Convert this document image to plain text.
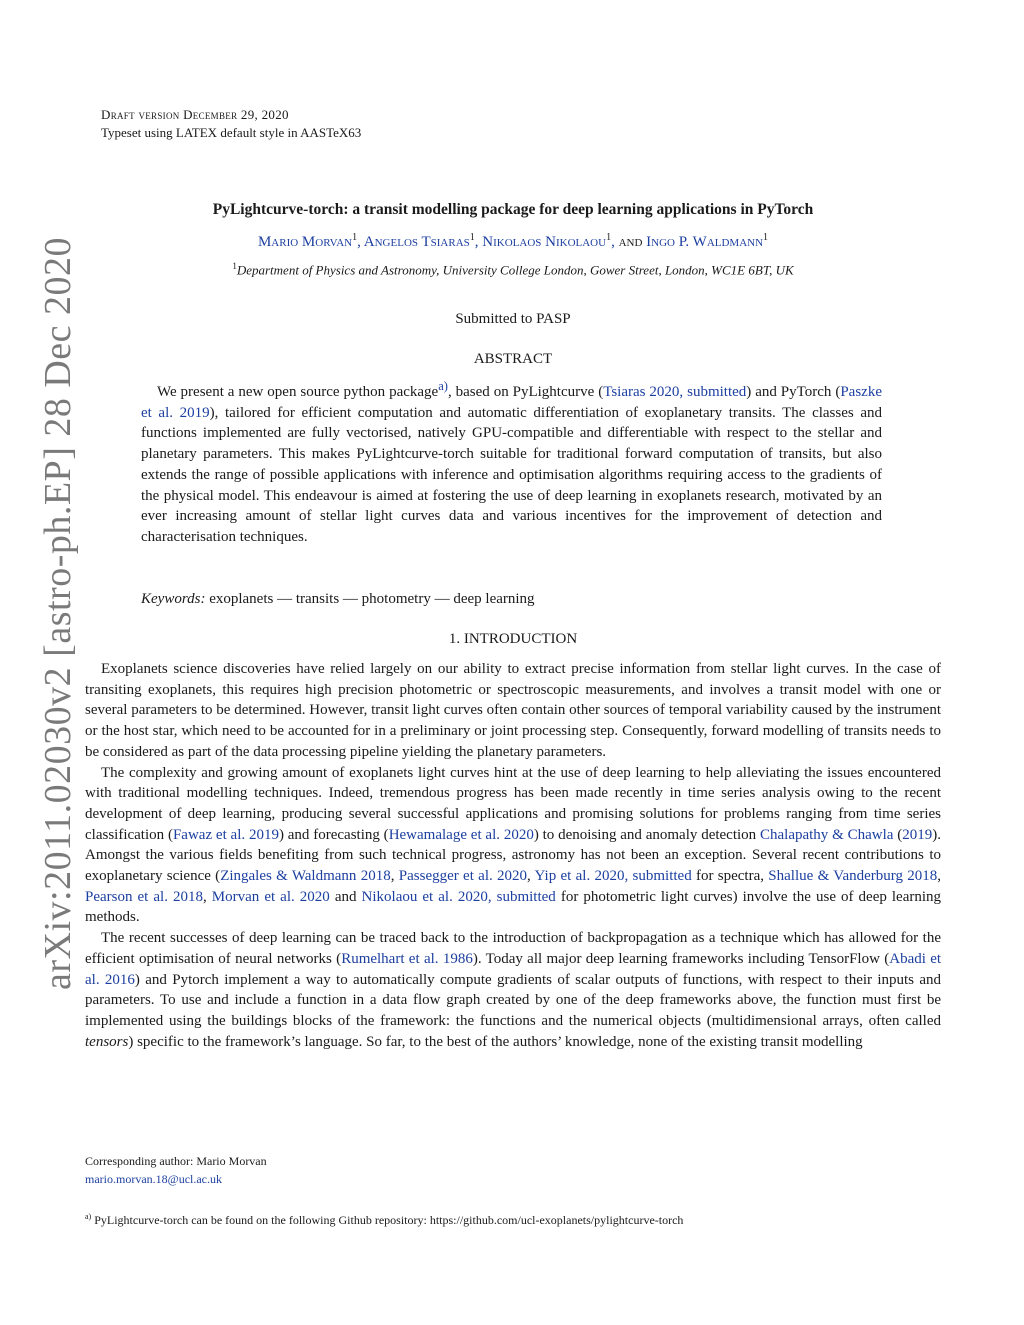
Draft version December 29, 2020
Typeset using LATEX default style in AASTeX63
arXiv:2011.02030v2 [astro-ph.EP] 28 Dec 2020
PyLightcurve-torch: a transit modelling package for deep learning applications in PyTorch
Mario Morvan$^1$, Angelos Tsiaras$^1$, Nikolaos Nikolaou$^1$, and Ingo P. Waldmann$^1$
$^1$Department of Physics and Astronomy, University College London, Gower Street, London, WC1E 6BT, UK
Submitted to PASP
ABSTRACT

We present a new open source python package$^{a)}$, based on PyLightcurve (Tsiaras 2020, submitted) and PyTorch (Paszke et al. 2019), tailored for efficient computation and automatic differentiation of exoplanetary transits. The classes and functions implemented are fully vectorised, natively GPU-compatible and differentiable with respect to the stellar and planetary parameters. This makes PyLightcurve-torch suitable for traditional forward computation of transits, but also extends the range of possible applications with inference and optimisation algorithms requiring access to the gradients of the physical model. This endeavour is aimed at fostering the use of deep learning in exoplanets research, motivated by an ever increasing amount of stellar light curves data and various incentives for the improvement of detection and characterisation techniques.

Keywords: exoplanets — transits — photometry — deep learning
1. INTRODUCTION

Exoplanets science discoveries have relied largely on our ability to extract precise information from stellar light curves. In the case of transiting exoplanets, this requires high precision photometric or spectroscopic measurements, and involves a transit model with one or several parameters to be determined. However, transit light curves often contain other sources of temporal variability caused by the instrument or the host star, which need to be accounted for in a preliminary or joint processing step. Consequently, forward modelling of transits needs to be considered as part of the data processing pipeline yielding the planetary parameters.

The complexity and growing amount of exoplanets light curves hint at the use of deep learning to help alleviating the issues encountered with traditional modelling techniques. Indeed, tremendous progress has been made recently in time series analysis owing to the recent development of deep learning, producing several successful applications and promising solutions for problems ranging from time series classification (Fawaz et al. 2019) and forecasting (Hewamalage et al. 2020) to denoising and anomaly detection Chalapathy & Chawla (2019). Amongst the various fields benefiting from such technical progress, astronomy has not been an exception. Several recent contributions to exoplanetary science (Zingales & Waldmann 2018, Passegger et al. 2020, Yip et al. 2020, submitted for spectra, Shallue & Vanderburg 2018, Pearson et al. 2018, Morvan et al. 2020 and Nikolaou et al. 2020, submitted for photometric light curves) involve the use of deep learning methods.

The recent successes of deep learning can be traced back to the introduction of backpropagation as a technique which has allowed for the efficient optimisation of neural networks (Rumelhart et al. 1986). Today all major deep learning frameworks including TensorFlow (Abadi et al. 2016) and Pytorch implement a way to automatically compute gradients of scalar outputs of functions, with respect to their inputs and parameters. To use and include a function in a data flow graph created by one of the deep frameworks above, the function must first be implemented using the buildings blocks of the framework: the functions and the numerical objects (multidimensional arrays, often called tensors) specific to the framework’s language. So far, to the best of the authors’ knowledge, none of the existing transit modelling

Corresponding author: Mario Morvan
mario.morvan.18@ucl.ac.uk
$^{a)}$ PyLightcurve-torch can be found on the following Github repository: https://github.com/ucl-exoplanets/pylightcurve-torch
